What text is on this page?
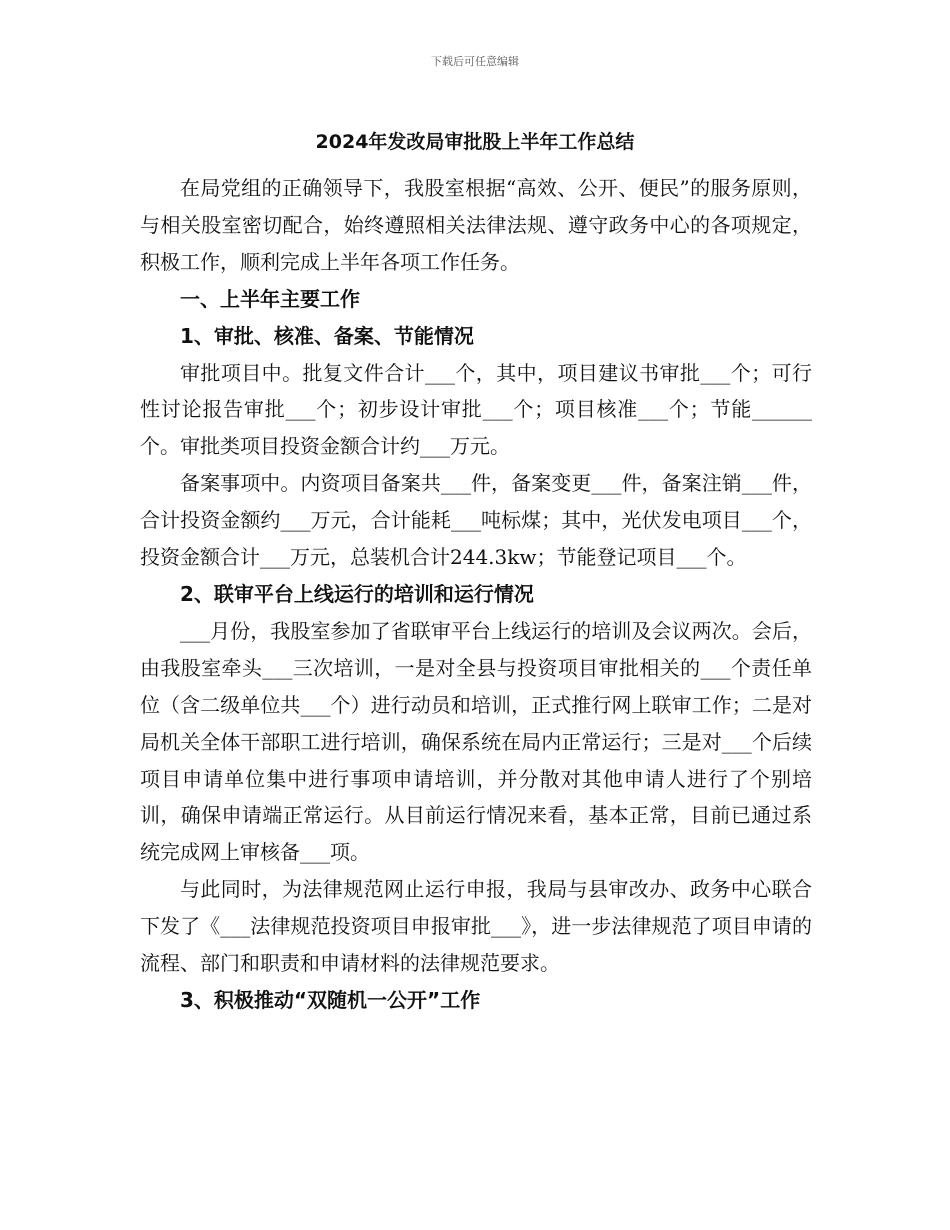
下载后可任意编辑
2024年发改局审批股上半年工作总结

在局党组的正确领导下，我股室根据“高效、公开、便民”的服务原则，与相关股室密切配合，始终遵照相关法律法规、遵守政务中心的各项规定，积极工作，顺利完成上半年各项工作任务。

一、上半年主要工作
1、审批、核准、备案、节能情况

审批项目中。批复文件合计___个，其中，项目建议书审批___个；可行性讨论报告审批___个；初步设计审批___个；项目核准___个；节能______个。审批类项目投资金额合计约___万元。

备案事项中。内资项目备案共___件，备案变更___件，备案注销___件，合计投资金额约___万元，合计能耗___吨标煤；其中，光伏发电项目___个，投资金额合计___万元，总装机合计244.3kw；节能登记项目___个。

2、联审平台上线运行的培训和运行情况

___月份，我股室参加了省联审平台上线运行的培训及会议两次。会后，由我股室牵头___三次培训，一是对全县与投资项目审批相关的___个责任单位（含二级单位共___个）进行动员和培训，正式推行网上联审工作；二是对局机关全体干部职工进行培训，确保系统在局内正常运行；三是对___个后续项目申请单位集中进行事项申请培训，并分散对其他申请人进行了个别培训，确保申请端正常运行。从目前运行情况来看，基本正常，目前已通过系统完成网上审核备___项。

与此同时，为法律规范网止运行申报，我局与县审改办、政务中心联合下发了《___法律规范投资项目申报审批___》，进一步法律规范了项目申请的流程、部门和职责和申请材料的法律规范要求。

3、积极推动“双随机一公开”工作
